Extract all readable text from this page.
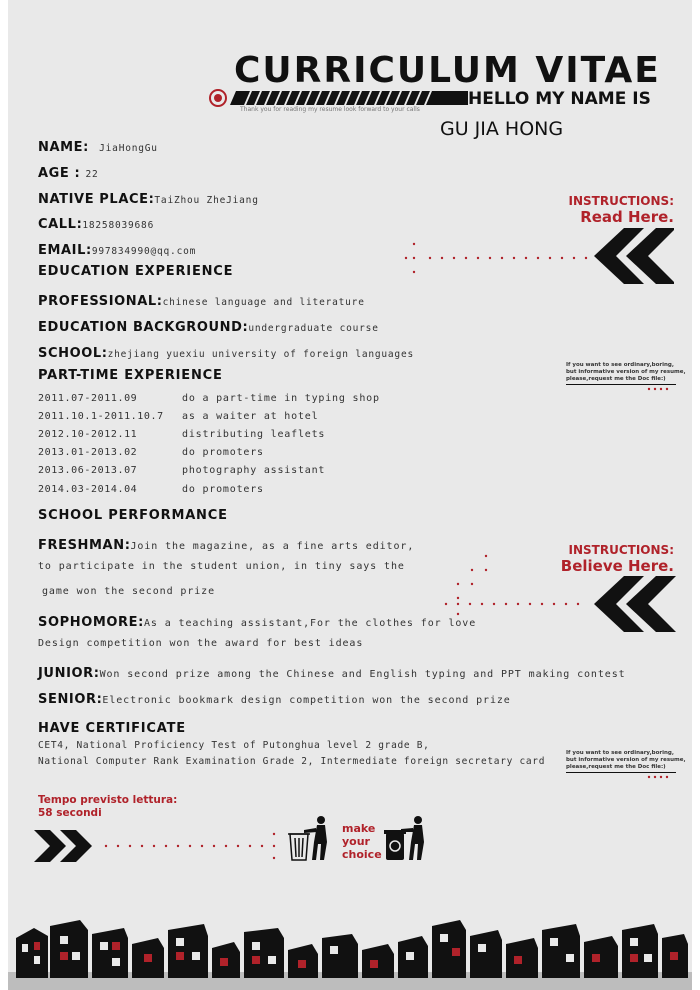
CURRICULUM VITAE
HELLO MY NAME IS
Thank you for reading my resume look forward to your calls
GU JIA HONG
NAME: JiaHongGu
AGE : 22
NATIVE PLACE:TaiZhou ZheJiang
CALL:18258039686
EMAIL:997834990@qq.com
EDUCATION EXPERIENCE
PROFESSIONAL:chinese language and literature
EDUCATION BACKGROUND:undergraduate course
SCHOOL:zhejiang yuexiu university of foreign languages
PART-TIME EXPERIENCE
2011.07-2011.09	do a part-time in typing shop
2011.10.1-2011.10.7 as a waiter at hotel
2012.10-2012.11	distributing leaflets
2013.01-2013.02	do promoters
2013.06-2013.07	photography assistant
2014.03-2014.04	do promoters
SCHOOL PERFORMANCE
FRESHMAN:Join the magazine, as a fine arts editor,
to participate in the student union, in tiny says the
game won the second prize
SOPHOMORE:As a teaching assistant,For the clothes for love
Design competition won the award for best ideas
JUNIOR:Won second prize among the Chinese and English typing and PPT making contest
SENIOR:Electronic bookmark design competition won the second prize
HAVE CERTIFICATE
CET4, National Proficiency Test of Putonghua level 2 grade B,
National Computer Rank Examination Grade 2, Intermediate foreign secretary card
INSTRUCTIONS:
Read Here.
If you want to see ordinary,boring,
but informative version of my resume,
please,request me the Doc file:)
INSTRUCTIONS:
Believe Here.
If you want to see ordinary,boring,
but informative version of my resume,
please,request me the Doc file:)
Tempo previsto lettura:
58 secondi
make
your
choice
